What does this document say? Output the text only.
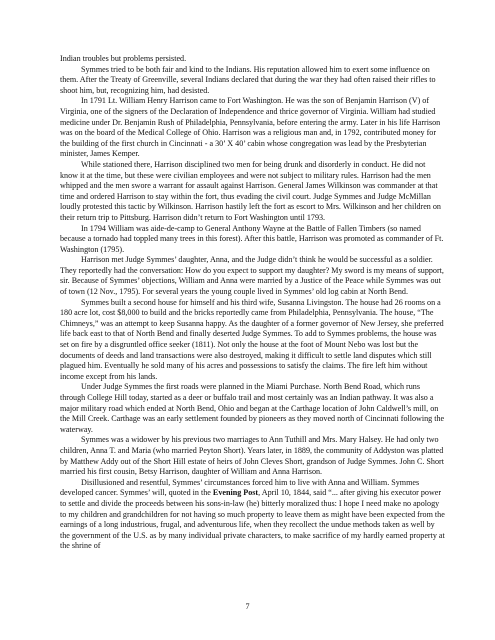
Indian troubles but problems persisted.

Symmes tried to be both fair and kind to the Indians. His reputation allowed him to exert some influence on them. After the Treaty of Greenville, several Indians declared that during the war they had often raised their rifles to shoot him, but, recognizing him, had desisted.

In 1791 Lt. William Henry Harrison came to Fort Washington. He was the son of Benjamin Harrison (V) of Virginia, one of the signers of the Declaration of Independence and thrice governor of Virginia. William had studied medicine under Dr. Benjamin Rush of Philadelphia, Pennsylvania, before entering the army. Later in his life Harrison was on the board of the Medical College of Ohio. Harrison was a religious man and, in 1792, contributed money for the building of the first church in Cincinnati - a 30’ X 40’ cabin whose congregation was lead by the Presbyterian minister, James Kemper.

While stationed there, Harrison disciplined two men for being drunk and disorderly in conduct. He did not know it at the time, but these were civilian employees and were not subject to military rules. Harrison had the men whipped and the men swore a warrant for assault against Harrison. General James Wilkinson was commander at that time and ordered Harrison to stay within the fort, thus evading the civil court. Judge Symmes and Judge McMillan loudly protested this tactic by Wilkinson. Harrison hastily left the fort as escort to Mrs. Wilkinson and her children on their return trip to Pittsburg. Harrison didn’t return to Fort Washington until 1793.

In 1794 William was aide-de-camp to General Anthony Wayne at the Battle of Fallen Timbers (so named because a tornado had toppled many trees in this forest). After this battle, Harrison was promoted as commander of Ft. Washington (1795).

Harrison met Judge Symmes’ daughter, Anna, and the Judge didn’t think he would be successful as a soldier. They reportedly had the conversation: How do you expect to support my daughter? My sword is my means of support, sir. Because of Symmes’ objections, William and Anna were married by a Justice of the Peace while Symmes was out of town (12 Nov., 1795). For several years the young couple lived in Symmes’ old log cabin at North Bend.

Symmes built a second house for himself and his third wife, Susanna Livingston. The house had 26 rooms on a 180 acre lot, cost $8,000 to build and the bricks reportedly came from Philadelphia, Pennsylvania. The house, “The Chimneys,” was an attempt to keep Susanna happy. As the daughter of a former governor of New Jersey, she preferred life back east to that of North Bend and finally deserted Judge Symmes. To add to Symmes problems, the house was set on fire by a disgruntled office seeker (1811). Not only the house at the foot of Mount Nebo was lost but the documents of deeds and land transactions were also destroyed, making it difficult to settle land disputes which still plagued him. Eventually he sold many of his acres and possessions to satisfy the claims. The fire left him without income except from his lands.

Under Judge Symmes the first roads were planned in the Miami Purchase. North Bend Road, which runs through College Hill today, started as a deer or buffalo trail and most certainly was an Indian pathway. It was also a major military road which ended at North Bend, Ohio and began at the Carthage location of John Caldwell’s mill, on the Mill Creek. Carthage was an early settlement founded by pioneers as they moved north of Cincinnati following the waterway.

Symmes was a widower by his previous two marriages to Ann Tuthill and Mrs. Mary Halsey. He had only two children, Anna T. and Maria (who married Peyton Short). Years later, in 1889, the community of Addyston was platted by Matthew Addy out of the Short Hill estate of heirs of John Cleves Short, grandson of Judge Symmes. John C. Short married his first cousin, Betsy Harrison, daughter of William and Anna Harrison.

Disillusioned and resentful, Symmes’ circumstances forced him to live with Anna and William. Symmes developed cancer. Symmes’ will, quoted in the Evening Post, April 10, 1844, said “... after giving his executor power to settle and divide the proceeds between his sons-in-law (he) bitterly moralized thus: I hope I need make no apology to my children and grandchildren for not having so much property to leave them as might have been expected from the earnings of a long industrious, frugal, and adventurous life, when they recollect the undue methods taken as well by the government of the U.S. as by many individual private characters, to make sacrifice of my hardly earned property at the shrine of

7
